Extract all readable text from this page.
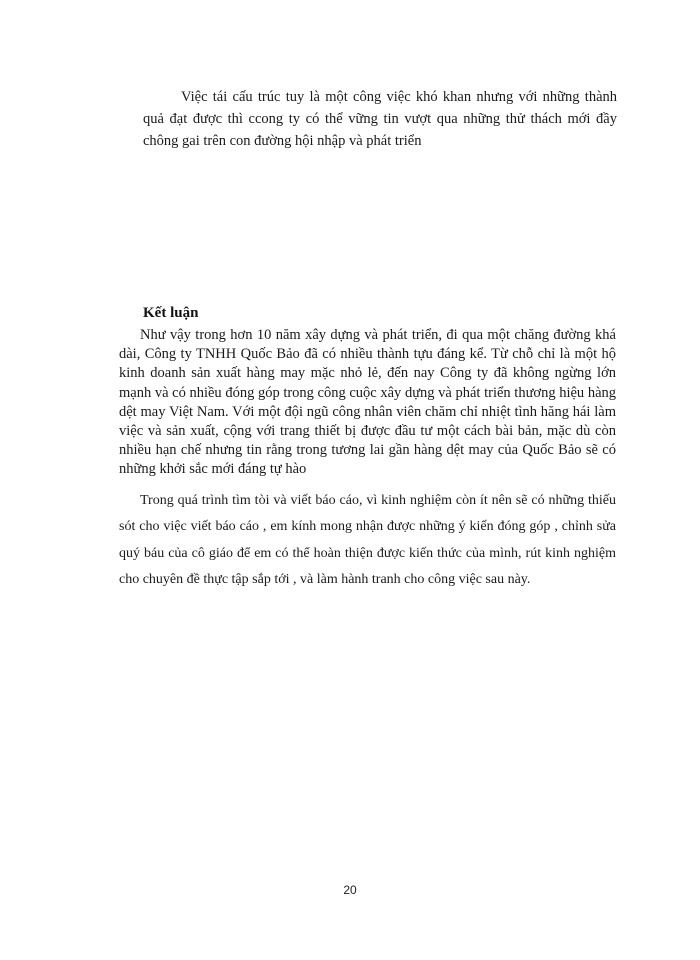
Việc tái cấu trúc tuy là một công việc khó khan nhưng với những thành quả đạt được thì ccong ty có thể vững tin vượt qua những thử thách mới đầy chông gai trên con đường hội nhập và phát triển

Kết luận

Như vậy trong hơn 10 năm xây dựng và phát triển, đi qua một chăng đường khá dài, Công ty TNHH Quốc Bảo đã có nhiều thành tựu đáng kể. Từ chỗ chỉ là một hộ kinh doanh sản xuất hàng may mặc nhỏ lẻ, đến nay Công ty đã không ngừng lớn mạnh và có nhiều đóng góp trong công cuộc xây dựng và phát triển thương hiệu hàng dệt may Việt Nam. Với một đội ngũ công nhân viên chăm chỉ nhiệt tình hăng hái làm việc và sản xuất, cộng với trang thiết bị được đầu tư một cách bài bản, mặc dù còn nhiều hạn chế nhưng tin rằng trong tương lai gần hàng dệt may của Quốc Bảo sẽ có những khởi sắc mới đáng tự hào

Trong quá trình tìm tòi và viết báo cáo, vì kinh nghiệm còn ít nên sẽ có những thiếu sót cho việc viết báo cáo , em kính mong nhận được những ý kiến đóng góp , chỉnh sửa quý báu của cô giáo để em có thể hoàn thiện được kiến thức của mình, rút kinh nghiệm cho chuyên đề thực tập sắp tới , và làm hành tranh cho công việc sau này.

20
